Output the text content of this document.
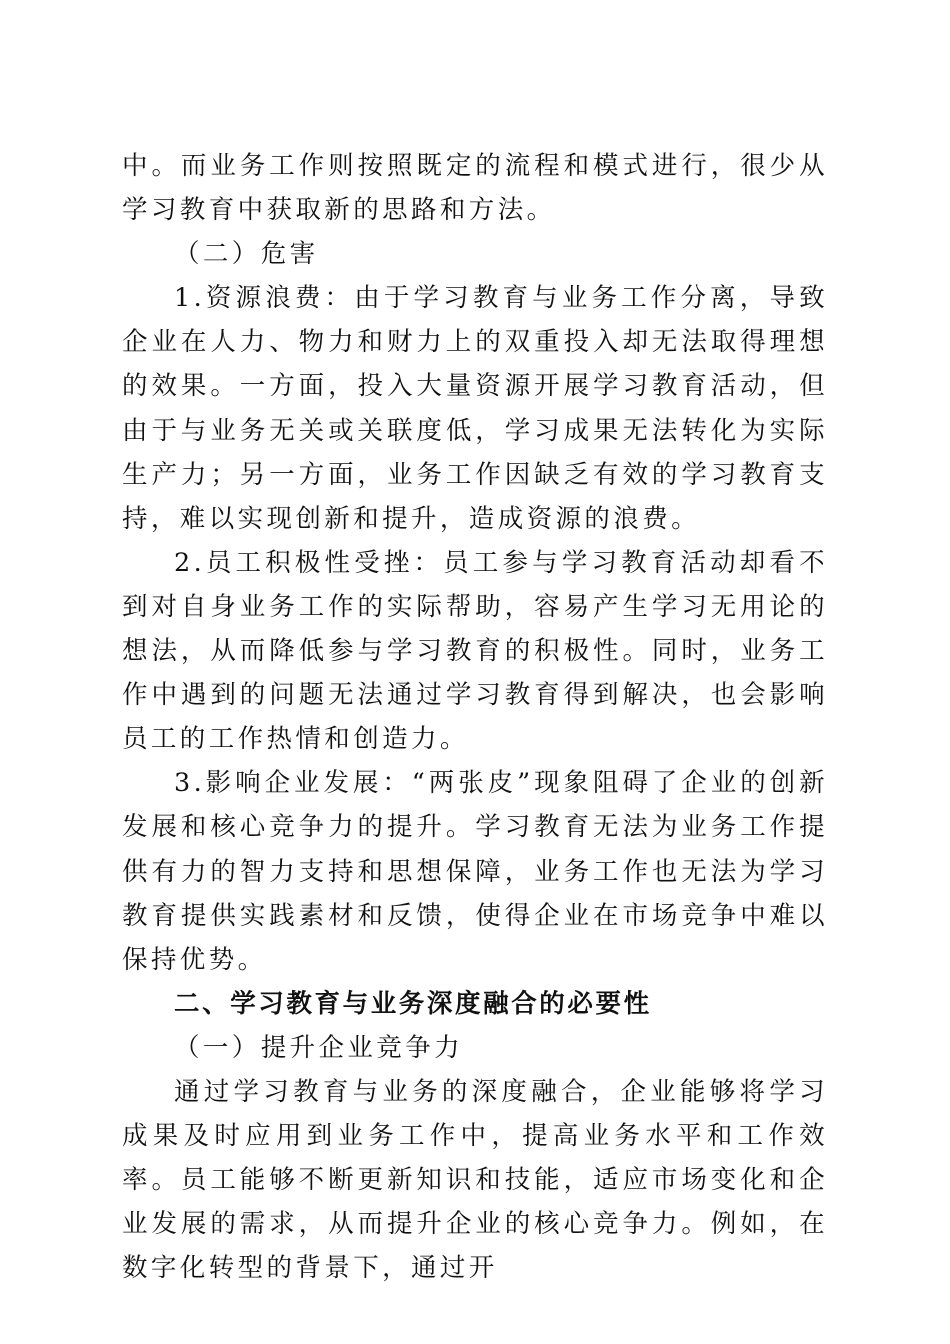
中。而业务工作则按照既定的流程和模式进行，很少从学习教育中获取新的思路和方法。

（二）危害

1.资源浪费：由于学习教育与业务工作分离，导致企业在人力、物力和财力上的双重投入却无法取得理想的效果。一方面，投入大量资源开展学习教育活动，但由于与业务无关或关联度低，学习成果无法转化为实际生产力；另一方面，业务工作因缺乏有效的学习教育支持，难以实现创新和提升，造成资源的浪费。

2.员工积极性受挫：员工参与学习教育活动却看不到对自身业务工作的实际帮助，容易产生学习无用论的想法，从而降低参与学习教育的积极性。同时，业务工作中遇到的问题无法通过学习教育得到解决，也会影响员工的工作热情和创造力。

3.影响企业发展：“两张皮”现象阻碍了企业的创新发展和核心竞争力的提升。学习教育无法为业务工作提供有力的智力支持和思想保障，业务工作也无法为学习教育提供实践素材和反馈，使得企业在市场竞争中难以保持优势。

二、学习教育与业务深度融合的必要性

（一）提升企业竞争力

通过学习教育与业务的深度融合，企业能够将学习成果及时应用到业务工作中，提高业务水平和工作效率。员工能够不断更新知识和技能，适应市场变化和企业发展的需求，从而提升企业的核心竞争力。例如，在数字化转型的背景下，通过开
